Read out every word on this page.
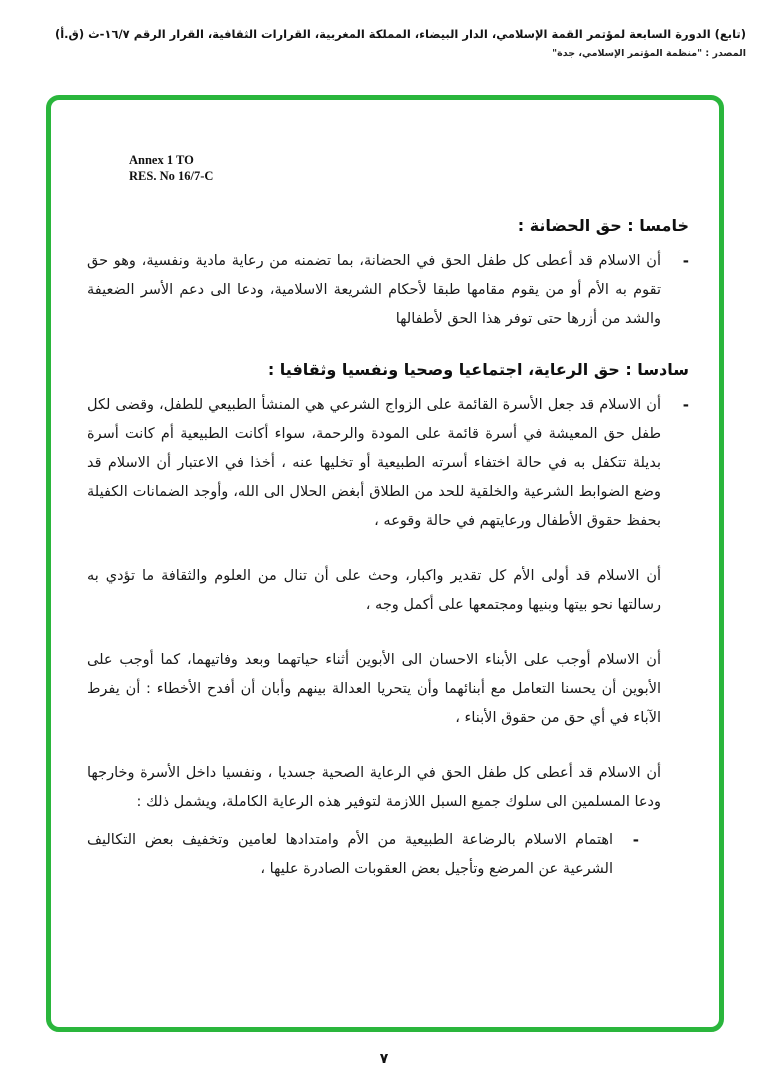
(تابع) الدورة السابعة لمؤتمر القمة الإسلامي، الدار البيضاء، المملكة المغربية، القرارات الثقافية، القرار الرقم ١٦/٧-ث (ق.أ)
المصدر : "منظمة المؤتمر الإسلامي، جدة"
Annex 1 TO
RES. No 16/7-C
خامسا : حق الحضانة :
-

أن الاسلام قد أعطى كل طفل الحق في الحضانة، بما تضمنه من رعاية مادية ونفسية، وهو حق تقوم به الأم أو من يقوم مقامها طبقا لأحكام الشريعة الاسلامية، ودعا الى دعم الأسر الضعيفة والشد من أزرها حتى توفر هذا الحق لأطفالها

سادسا : حق الرعاية، اجتماعيا وصحيا ونفسيا وثقافيا :
-

أن الاسلام قد جعل الأسرة القائمة على الزواج الشرعي هي المنشأ الطبيعي للطفل، وقضى لكل طفل حق المعيشة في أسرة قائمة على المودة والرحمة، سواء أكانت الطبيعية أم كانت أسرة بديلة تتكفل به في حالة اختفاء أسرته الطبيعية أو تخليها عنه ، أخذا في الاعتبار أن الاسلام قد وضع الضوابط الشرعية والخلقية للحد من الطلاق أبغض الحلال الى الله، وأوجد الضمانات الكفيلة بحفظ حقوق الأطفال ورعايتهم في حالة وقوعه ،

أن الاسلام قد أولى الأم كل تقدير واكبار، وحث على أن تنال من العلوم والثقافة ما تؤدي به رسالتها نحو بيتها وبنيها ومجتمعها على أكمل وجه ،

أن الاسلام أوجب على الأبناء الاحسان الى الأبوين أثناء حياتهما وبعد وفاتيهما، كما أوجب على الأبوين أن يحسنا التعامل مع أبنائهما وأن يتحريا العدالة بينهم وأبان أن أفدح الأخطاء : أن يفرط الآباء في أي حق من حقوق الأبناء ،

أن الاسلام قد أعطى كل طفل الحق في الرعاية الصحية جسديا ، ونفسيا داخل الأسرة وخارجها ودعا المسلمين الى سلوك جميع السبل اللازمة لتوفير هذه الرعاية الكاملة، ويشمل ذلك :

-

اهتمام الاسلام بالرضاعة الطبيعية من الأم وامتدادها لعامين وتخفيف بعض التكاليف الشرعية عن المرضع وتأجيل بعض العقوبات الصادرة عليها ،

٧
